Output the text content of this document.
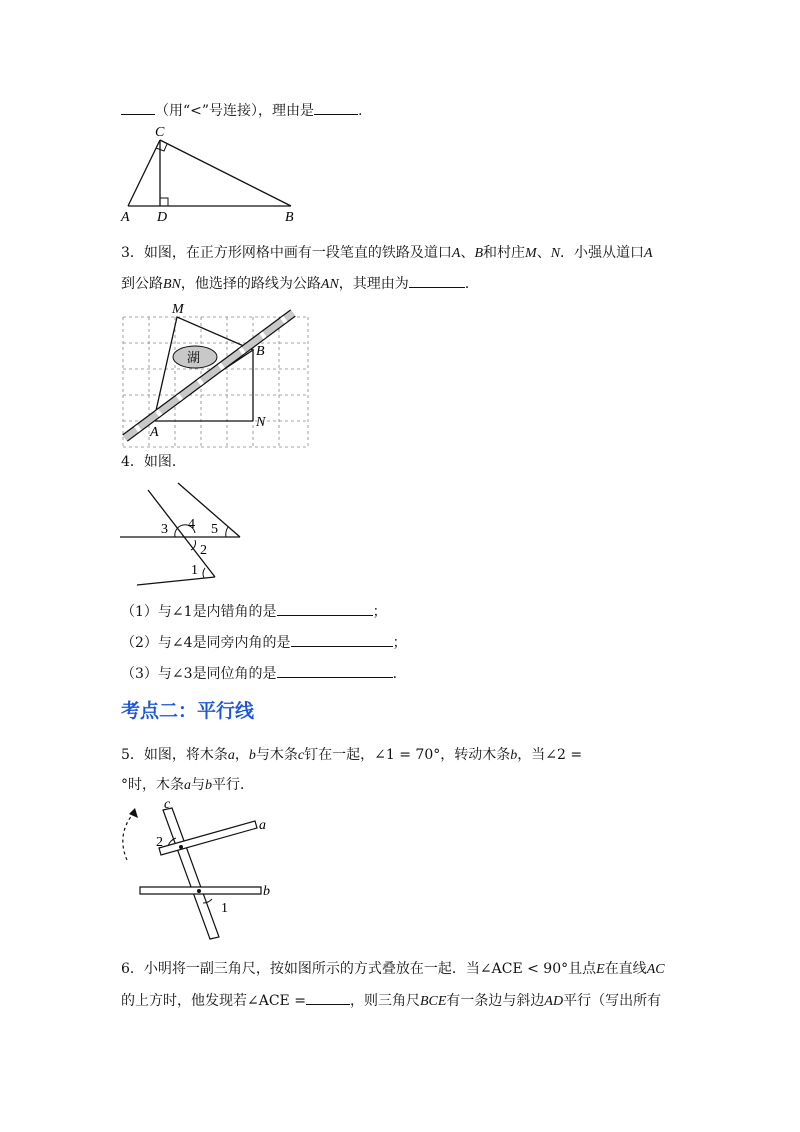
（用“<”号连接），理由是	.
C
A D	B
3．如图，在正方形网格中画有一段笔直的铁路及道口A、B和村庄M、N．小强从道口A
到公路BN，他选择的路线为公路AN，其理由为	.
湖
M
B
A
N
4．如图．
3 4 5
2
1
（1）与∠1是内错角的是	；
（2）与∠4是同旁内角的是	；
（3）与∠3是同位角的是	.
考点二：平行线
5．如图，将木条a，b与木条c钉在一起，∠1 = 70°，转动木条b，当∠2 =
°时，木条a与b平行．
c
a
b
2
1
6．小明将一副三角尺，按如图所示的方式叠放在一起．当∠ACE < 90°且点E在直线AC
的上方时，他发现若∠ACE =	，则三角尺BCE有一条边与斜边AD平行（写出所有
